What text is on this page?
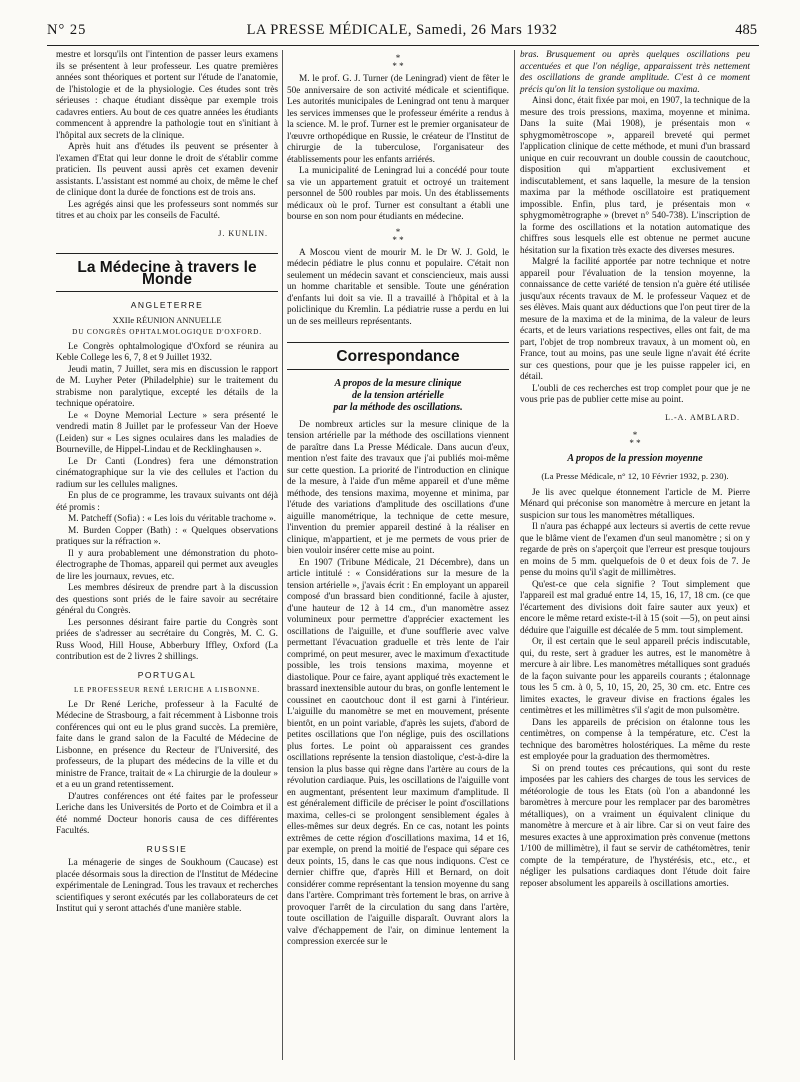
N° 25	LA PRESSE MÉDICALE, Samedi, 26 Mars 1932	485

mestre et lorsqu'ils ont l'intention de passer leurs examens ils se présentent à leur professeur. Les quatre premières années sont théoriques et portent sur l'étude de l'anatomie, de l'histologie et de la physiologie. Ces études sont très sérieuses : chaque étudiant dissèque par exemple trois cadavres entiers. Au bout de ces quatre années les étudiants commencent à apprendre la pathologie tout en s'initiant à l'hôpital aux secrets de la clinique.

Après huit ans d'études ils peuvent se présenter à l'examen d'Etat qui leur donne le droit de s'établir comme praticien. Ils peuvent aussi après cet examen devenir assistants. L'assistant est nommé au choix, de même le chef de clinique dont la durée de fonctions est de trois ans.

Les agrégés ainsi que les professeurs sont nommés sur titres et au choix par les conseils de Faculté.

J. KUNLIN.
La Médecine à travers le Monde
ANGLETERRE
XXIIe RÉUNION ANNUELLE
DU CONGRÈS OPHTALMOLOGIQUE D'OXFORD.

Le Congrès ophtalmologique d'Oxford se réunira au Keble College les 6, 7, 8 et 9 Juillet 1932.

Jeudi matin, 7 Juillet, sera mis en discussion le rapport de M. Luyher Peter (Philadelphie) sur le traitement du strabisme non paralytique, excepté les détails de la technique opératoire.

Le « Doyne Memorial Lecture » sera présenté le vendredi matin 8 Juillet par le professeur Van der Hoeve (Leiden) sur « Les signes oculaires dans les maladies de Bourneville, de Hippel-Lindau et de Recklinghausen ».

Le Dr Canti (Londres) fera une démonstration cinématographique sur la vie des cellules et l'action du radium sur les cellules malignes.

En plus de ce programme, les travaux suivants ont déjà été promis :

M. Patcheff (Sofia) : « Les lois du véritable trachome ».

M. Burden Copper (Bath) : « Quelques observations pratiques sur la réfraction ».

Il y aura probablement une démonstration du photo-électrographe de Thomas, appareil qui permet aux aveugles de lire les journaux, revues, etc.

Les membres désireux de prendre part à la discussion des questions sont priés de le faire savoir au secrétaire général du Congrès.

Les personnes désirant faire partie du Congrès sont priées de s'adresser au secrétaire du Congrès, M. C. G. Russ Wood, Hill House, Abberbury Iffley, Oxford (La contribution est de 2 livres 2 shillings.

PORTUGAL
LE PROFESSEUR RENÉ LERICHE A LISBONNE.

Le Dr René Leriche, professeur à la Faculté de Médecine de Strasbourg, a fait récemment à Lisbonne trois conférences qui ont eu le plus grand succès. La première, faite dans le grand salon de la Faculté de Médecine de Lisbonne, en présence du Recteur de l'Université, des professeurs, de la plupart des médecins de la ville et du ministre de France, traitait de « La chirurgie de la douleur » et a eu un grand retentissement.

D'autres conférences ont été faites par le professeur Leriche dans les Universités de Porto et de Coimbra et il a été nommé Docteur honoris causa de ces différentes Facultés.

RUSSIE

La ménagerie de singes de Soukhoum (Caucase) est placée désormais sous la direction de l'Institut de Médecine expérimentale de Leningrad. Tous les travaux et recherches scientifiques y seront exécutés par les collaborateurs de cet Institut qui y seront attachés d'une manière stable.

*
* *

M. le prof. G. J. Turner (de Leningrad) vient de fêter le 50e anniversaire de son activité médicale et scientifique. Les autorités municipales de Leningrad ont tenu à marquer les services immenses que le professeur émérite a rendus à la science. M. le prof. Turner est le premier organisateur de l'œuvre orthopédique en Russie, le créateur de l'Institut de chirurgie de la tuberculose, l'organisateur des établissements pour les enfants arriérés.

La municipalité de Leningrad lui a concédé pour toute sa vie un appartement gratuit et octroyé un traitement personnel de 500 roubles par mois. Un des établissements médicaux où le prof. Turner est consultant a établi une bourse en son nom pour étudiants en médecine.

*
* *

A Moscou vient de mourir M. le Dr W. J. Gold, le médecin pédiatre le plus connu et populaire. C'était non seulement un médecin savant et consciencieux, mais aussi un homme charitable et sensible. Toute une génération d'enfants lui doit sa vie. Il a travaillé à l'hôpital et à la policlinique du Kremlin. La pédiatrie russe a perdu en lui un de ses meilleurs représentants.

Correspondance
A propos de la mesure clinique
de la tension artérielle
par la méthode des oscillations.

De nombreux articles sur la mesure clinique de la tension artérielle par la méthode des oscillations viennent de paraître dans La Presse Médicale. Dans aucun d'eux, mention n'est faite des travaux que j'ai publiés moi-même sur cette question. La priorité de l'introduction en clinique de la mesure, à l'aide d'un même appareil et d'une même méthode, des tensions maxima, moyenne et minima, par l'étude des variations d'amplitude des oscillations d'une aiguille manométrique, la technique de cette mesure, l'invention du premier appareil destiné à la réaliser en clinique, m'appartient, et je me permets de vous prier de bien vouloir insérer cette mise au point.

En 1907 (Tribune Médicale, 21 Décembre), dans un article intitulé : « Considérations sur la mesure de la tension artérielle », j'avais écrit : En employant un appareil composé d'un brassard bien conditionné, facile à ajuster, d'une hauteur de 12 à 14 cm., d'un manomètre assez volumineux pour permettre d'apprécier exactement les oscillations de l'aiguille, et d'une soufflerie avec valve permettant l'évacuation graduelle et très lente de l'air comprimé, on peut mesurer, avec le maximum d'exactitude possible, les trois tensions maxima, moyenne et diastolique. Pour ce faire, ayant appliqué très exactement le brassard inextensible autour du bras, on gonfle lentement le coussinet en caoutchouc dont il est garni à l'intérieur. L'aiguille du manomètre se met en mouvement, présente bientôt, en un point variable, d'après les sujets, d'abord de petites oscillations que l'on néglige, puis des oscillations plus fortes. Le point où apparaissent ces grandes oscillations représente la tension diastolique, c'est-à-dire la tension la plus basse qui règne dans l'artère au cours de la révolution cardiaque. Puis, les oscillations de l'aiguille vont en augmentant, présentent leur maximum d'amplitude. Il est généralement difficile de préciser le point d'oscillations maxima, celles-ci se prolongent sensiblement égales à elles-mêmes sur deux degrés. En ce cas, notant les points extrêmes de cette région d'oscillations maxima, 14 et 16, par exemple, on prend la moitié de l'espace qui sépare ces deux points, 15, dans le cas que nous indiquons. C'est ce dernier chiffre que, d'après Hill et Bernard, on doit considérer comme représentant la tension moyenne du sang dans l'artère. Comprimant très fortement le bras, on arrive à provoquer l'arrêt de la circulation du sang dans l'artère, toute oscillation de l'aiguille disparaît. Ouvrant alors la valve d'échappement de l'air, on diminue lentement la compression exercée sur le

bras. Brusquement ou après quelques oscillations peu accentuées et que l'on néglige, apparaissent très nettement des oscillations de grande amplitude. C'est à ce moment précis qu'on lit la tension systolique ou maxima.

Ainsi donc, était fixée par moi, en 1907, la technique de la mesure des trois pressions, maxima, moyenne et minima. Dans la suite (Mai 1908), je présentais mon « sphygmomètroscope », appareil breveté qui permet l'application clinique de cette méthode, et muni d'un brassard unique en cuir recouvrant un double coussin de caoutchouc, disposition qui m'appartient exclusivement et indiscutablement, et sans laquelle, la mesure de la tension maxima par la méthode oscillatoire est pratiquement impossible. Enfin, plus tard, je présentais mon « sphygmomètrographe » (brevet n° 540-738). L'inscription de la forme des oscillations et la notation automatique des chiffres sous lesquels elle est obtenue ne permet aucune hésitation sur la fixation très exacte des diverses mesures.

Malgré la facilité apportée par notre technique et notre appareil pour l'évaluation de la tension moyenne, la connaissance de cette variété de tension n'a guère été utilisée jusqu'aux récents travaux de M. le professeur Vaquez et de ses élèves. Mais quant aux déductions que l'on peut tirer de la mesure de la maxima et de la minima, de la valeur de leurs écarts, et de leurs variations respectives, elles ont fait, de ma part, l'objet de trop nombreux travaux, à un moment où, en France, tout au moins, pas une seule ligne n'avait été écrite sur ces questions, pour que je les puisse rappeler ici, en détail.

L'oubli de ces recherches est trop complet pour que je ne vous prie pas de publier cette mise au point.

L.-A. AMBLARD.
*
* *
A propos de la pression moyenne
(La Presse Médicale, n° 12, 10 Février 1932, p. 230).

Je lis avec quelque étonnement l'article de M. Pierre Ménard qui préconise son manomètre à mercure en jetant la suspicion sur tous les manomètres métalliques.

Il n'aura pas échappé aux lecteurs si avertis de cette revue que le blâme vient de l'examen d'un seul manomètre ; si on y regarde de près on s'aperçoit que l'erreur est presque toujours en moins de 5 mm. quelquefois de 0 et deux fois de 7. Je pense du moins qu'il s'agit de millimètres.

Qu'est-ce que cela signifie ? Tout simplement que l'appareil est mal gradué entre 14, 15, 16, 17, 18 cm. (ce que l'écartement des divisions doit faire sauter aux yeux) et encore le même retard existe-t-il à 15 (soit —5), on peut ainsi déduire que l'aiguille est décalée de 5 mm. tout simplement.

Or, il est certain que le seul appareil précis indiscutable, qui, du reste, sert à graduer les autres, est le manomètre à mercure à air libre. Les manomètres métalliques sont gradués de la façon suivante pour les appareils courants ; étalonnage tous les 5 cm. à 0, 5, 10, 15, 20, 25, 30 cm. etc. Entre ces limites exactes, le graveur divise en fractions égales les centimètres et les millimètres s'il s'agit de mon pulsomètre.

Dans les appareils de précision on étalonne tous les centimètres, on compense à la température, etc. C'est la technique des baromètres holostériques. La même du reste est employée pour la graduation des thermomètres.

Si on prend toutes ces précautions, qui sont du reste imposées par les cahiers des charges de tous les services de météorologie de tous les Etats (où l'on a abandonné les baromètres à mercure pour les remplacer par des baromètres métalliques), on a vraiment un équivalent clinique du manomètre à mercure et à air libre. Car si on veut faire des mesures exactes à une approximation près convenue (mettons 1/100 de millimètre), il faut se servir de cathétomètres, tenir compte de la température, de l'hystérésis, etc., etc., et négliger les pulsations cardiaques dont l'étude doit faire reposer absolument les appareils à oscillations amorties.
